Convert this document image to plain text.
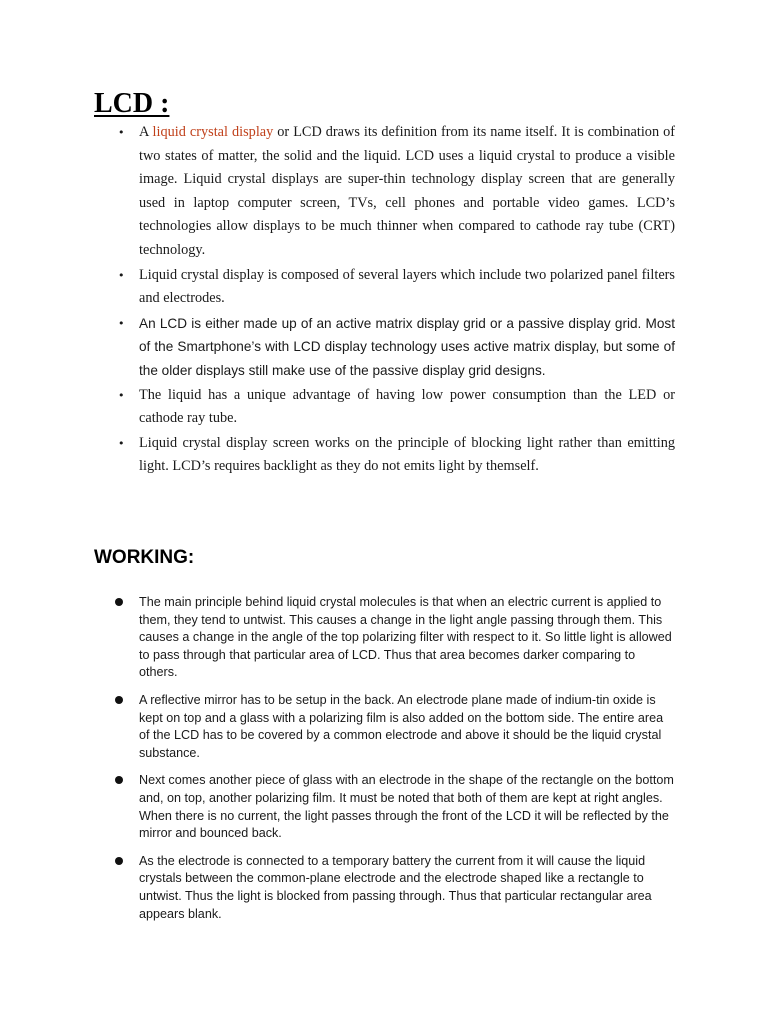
LCD :
• A liquid crystal display or LCD draws its definition from its name itself. It is combination of two states of matter, the solid and the liquid. LCD uses a liquid crystal to produce a visible image. Liquid crystal displays are super-thin technology display screen that are generally used in laptop computer screen, TVs, cell phones and portable video games. LCD’s technologies allow displays to be much thinner when compared to cathode ray tube (CRT) technology.
• Liquid crystal display is composed of several layers which include two polarized panel filters and electrodes.
• An LCD is either made up of an active matrix display grid or a passive display grid. Most of the Smartphone’s with LCD display technology uses active matrix display, but some of the older displays still make use of the passive display grid designs.
• The liquid has a unique advantage of having low power consumption than the LED or cathode ray tube.
• Liquid crystal display screen works on the principle of blocking light rather than emitting light. LCD’s requires backlight as they do not emits light by themself.
WORKING:
The main principle behind liquid crystal molecules is that when an electric current is applied to them, they tend to untwist. This causes a change in the light angle passing through them. This causes a change in the angle of the top polarizing filter with respect to it. So little light is allowed to pass through that particular area of LCD. Thus that area becomes darker comparing to others.
A reflective mirror has to be setup in the back. An electrode plane made of indium-tin oxide is kept on top and a glass with a polarizing film is also added on the bottom side. The entire area of the LCD has to be covered by a common electrode and above it should be the liquid crystal substance.
Next comes another piece of glass with an electrode in the shape of the rectangle on the bottom and, on top, another polarizing film. It must be noted that both of them are kept at right angles. When there is no current, the light passes through the front of the LCD it will be reflected by the mirror and bounced back.
As the electrode is connected to a temporary battery the current from it will cause the liquid crystals between the common-plane electrode and the electrode shaped like a rectangle to untwist. Thus the light is blocked from passing through. Thus that particular rectangular area appears blank.
